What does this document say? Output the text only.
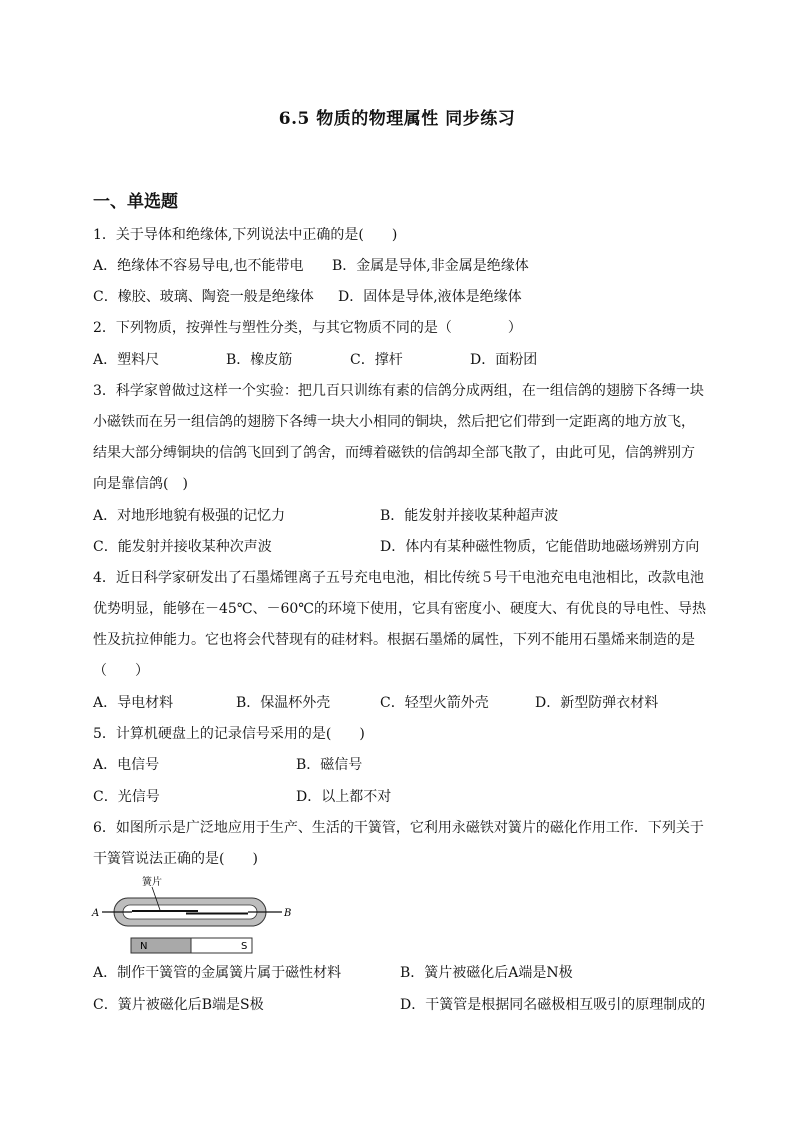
6.5 物质的物理属性 同步练习
一、单选题
1．关于导体和绝缘体,下列说法中正确的是(　　)
A．绝缘体不容易导电,也不能带电 B．金属是导体,非金属是绝缘体
C．橡胶、玻璃、陶瓷一般是绝缘体 D．固体是导体,液体是绝缘体
2．下列物质，按弹性与塑性分类，与其它物质不同的是（　　　　）
A．塑料尺	B．橡皮筋	C．撑杆	D．面粉团
3．科学家曾做过这样一个实验：把几百只训练有素的信鸽分成两组，在一组信鸽的翅膀下各缚一块
小磁铁而在另一组信鸽的翅膀下各缚一块大小相同的铜块，然后把它们带到一定距离的地方放飞，
结果大部分缚铜块的信鸽飞回到了鸽舍，而缚着磁铁的信鸽却全部飞散了，由此可见，信鸽辨别方
向是靠信鸽(　)
A．对地形地貌有极强的记忆力	B．能发射并接收某种超声波
C．能发射并接收某种次声波	D．体内有某种磁性物质，它能借助地磁场辨别方向
4．近日科学家研发出了石墨烯锂离子五号充电电池，相比传统５号干电池充电电池相比，改款电池
优势明显，能够在－45℃、－60℃的环境下使用，它具有密度小、硬度大、有优良的导电性、导热
性及抗拉伸能力。它也将会代替现有的硅材料。根据石墨烯的属性，下列不能用石墨烯来制造的是
（　　）
A．导电材料	B．保温杯外壳	C．轻型火箭外壳	D．新型防弹衣材料
5．计算机硬盘上的记录信号采用的是(　　)
A．电信号	B．磁信号
C．光信号	D．以上都不对
6．如图所示是广泛地应用于生产、生活的干簧管，它利用永磁铁对簧片的磁化作用工作．下列关于
干簧管说法正确的是(　　)
簧片
A	B
N	S
A．制作干簧管的金属簧片属于磁性材料	B．簧片被磁化后A端是N极
C．簧片被磁化后B端是S极	D．干簧管是根据同名磁极相互吸引的原理制成的
